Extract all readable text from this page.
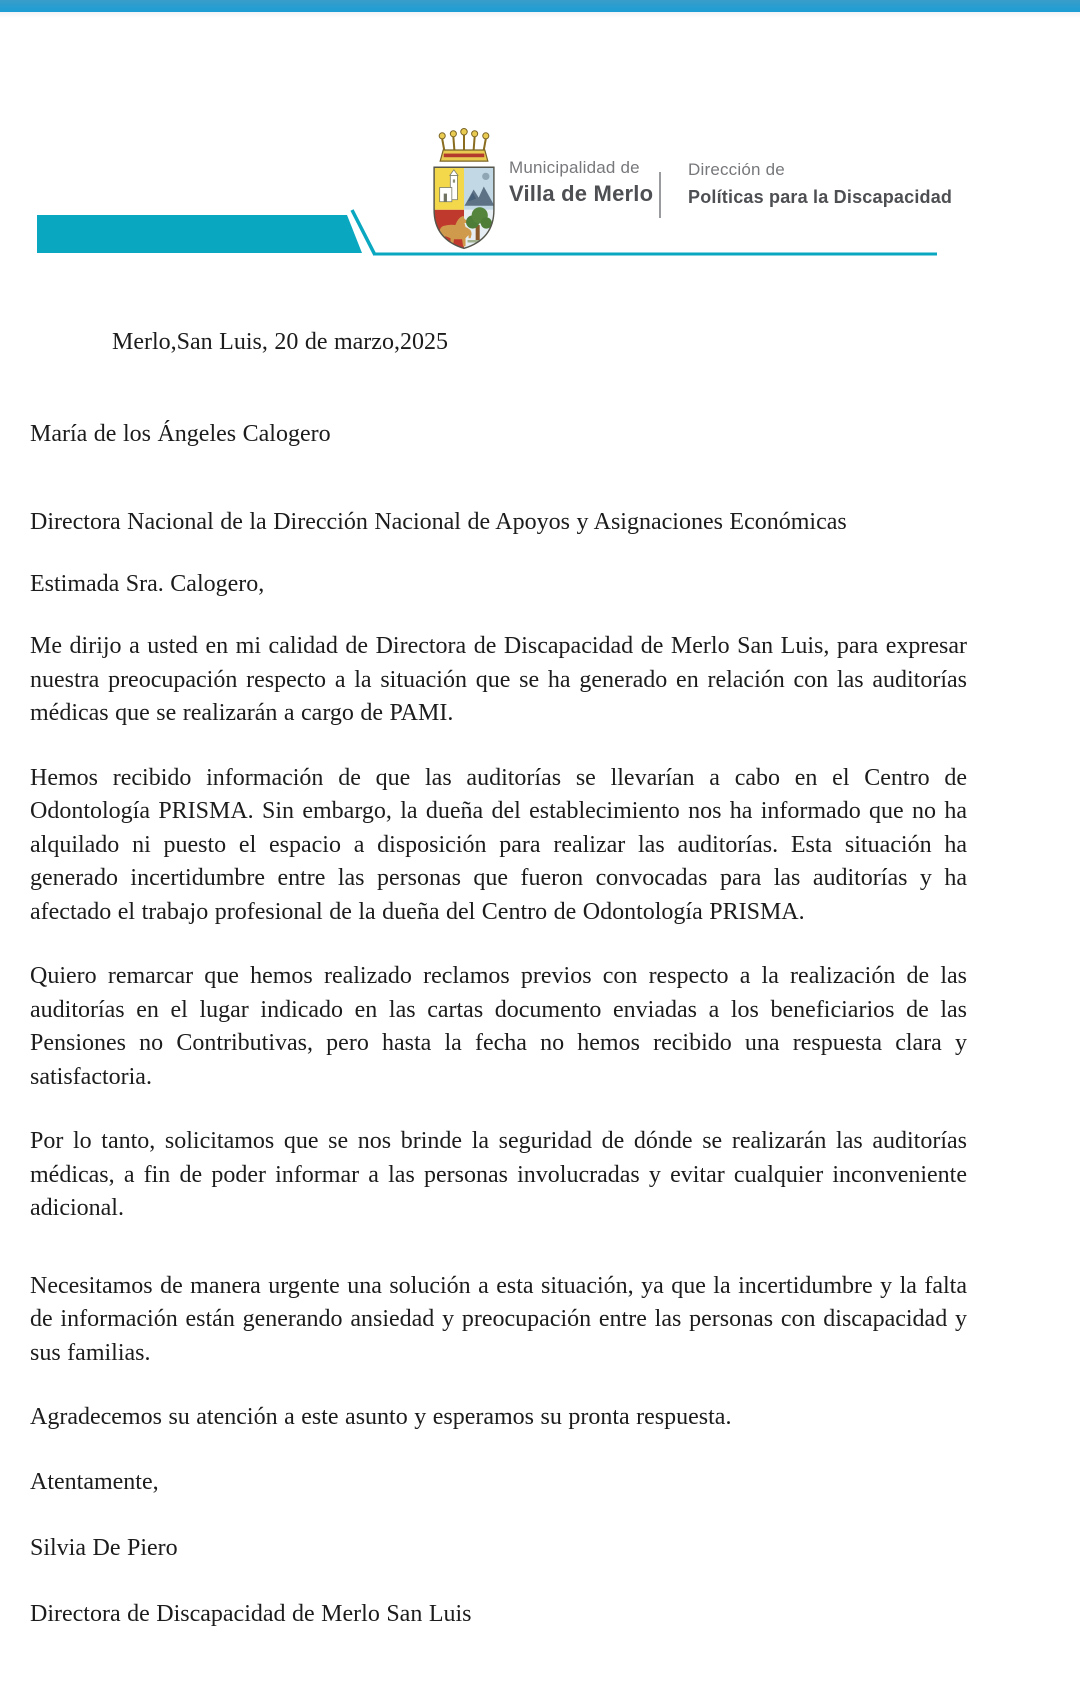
Municipalidad de
Villa de Merlo
Dirección de
Políticas para la Discapacidad

Merlo,San Luis, 20 de marzo,2025

María de los Ángeles Calogero

Directora Nacional de la Dirección Nacional de Apoyos y Asignaciones Económicas

Estimada Sra. Calogero,

Me dirijo a usted en mi calidad de Directora de Discapacidad de Merlo San Luis, para expresar nuestra preocupación respecto a la situación que se ha generado en relación con las auditorías médicas que se realizarán a cargo de PAMI.

Hemos recibido información de que las auditorías se llevarían a cabo en el Centro de Odontología PRISMA. Sin embargo, la dueña del establecimiento nos ha informado que no ha alquilado ni puesto el espacio a disposición para realizar las auditorías. Esta situación ha generado incertidumbre entre las personas que fueron convocadas para las auditorías y ha afectado el trabajo profesional de la dueña del Centro de Odontología PRISMA.

Quiero remarcar que hemos realizado reclamos previos con respecto a la realización de las auditorías en el lugar indicado en las cartas documento enviadas a los beneficiarios de las Pensiones no Contributivas, pero hasta la fecha no hemos recibido una respuesta clara y satisfactoria.

Por lo tanto, solicitamos que se nos brinde la seguridad de dónde se realizarán las auditorías médicas, a fin de poder informar a las personas involucradas y evitar cualquier inconveniente adicional.

Necesitamos de manera urgente una solución a esta situación, ya que la incertidumbre y la falta de información están generando ansiedad y preocupación entre las personas con discapacidad y sus familias.

Agradecemos su atención a este asunto y esperamos su pronta respuesta.

Atentamente,

Silvia De Piero

Directora de Discapacidad de Merlo San Luis
